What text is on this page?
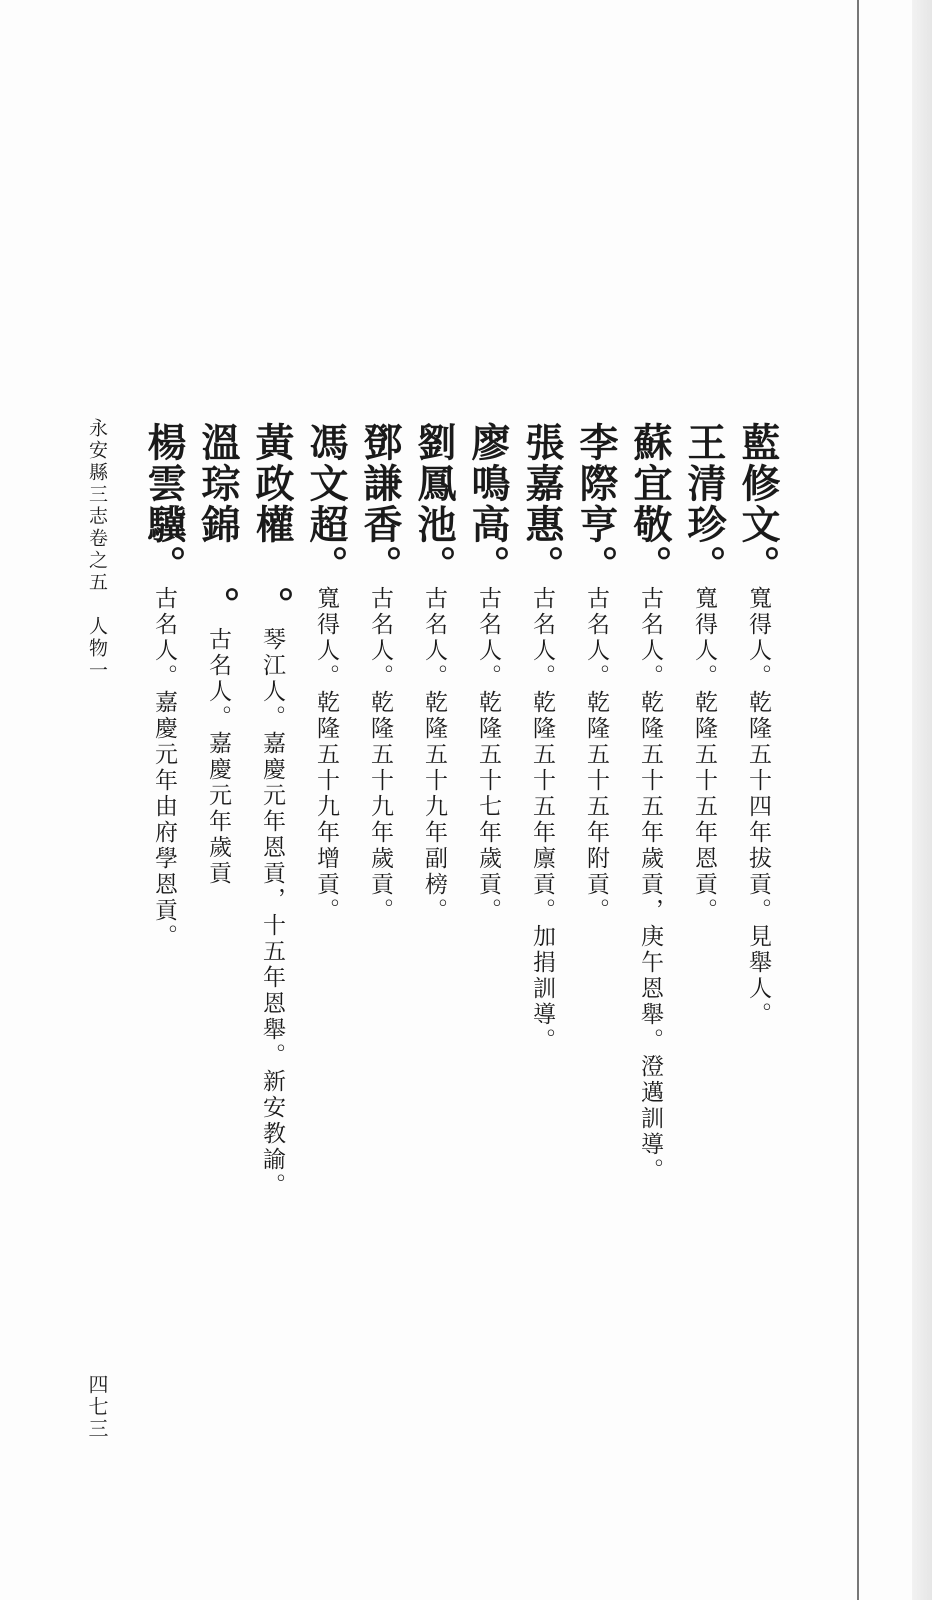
藍修文。寬得人。乾隆五十四年拔貢。見舉人。
王清珍。寬得人。乾隆五十五年恩貢。
蘇宜敬。古名人。乾隆五十五年歲貢，庚午恩舉。澄邁訓導。
李際亨。古名人。乾隆五十五年附貢。
張嘉惠。古名人。乾隆五十五年廪貢。加捐訓導。
廖鳴高。古名人。乾隆五十七年歲貢。
劉鳳池。古名人。乾隆五十九年副榜。
鄧謙香。古名人。乾隆五十九年歲貢。
馮文超。寬得人。乾隆五十九年增貢。
黃政權　。琴江人。嘉慶元年恩貢，十五年恩舉。新安教諭。
溫琮錦　。古名人。嘉慶元年歲貢
楊雲驥。古名人。嘉慶元年由府學恩貢。
永安縣三志卷之五　人物一
四七三
